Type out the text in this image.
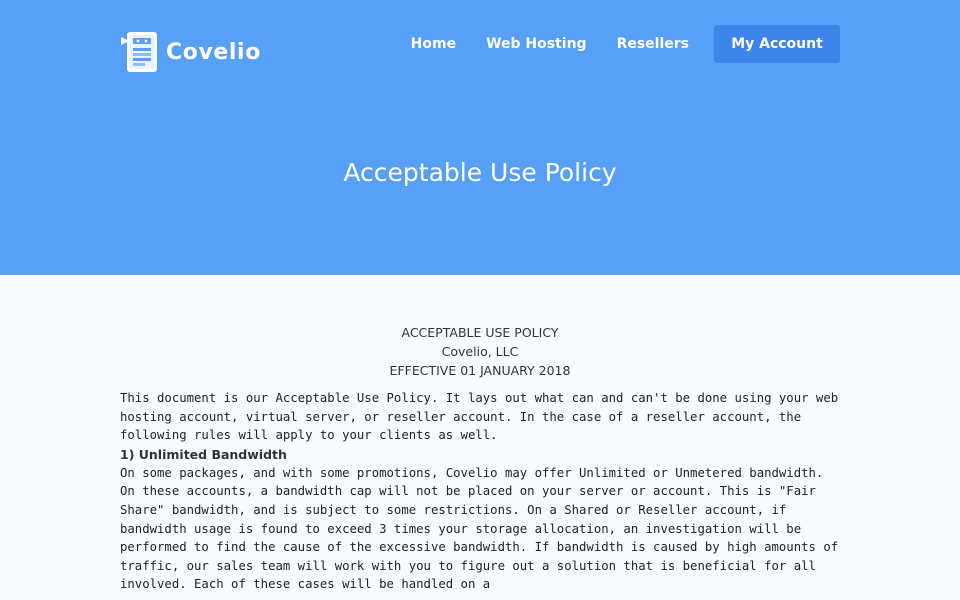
Covelio	Home Web Hosting Resellers	My Account
Acceptable Use Policy
ACCEPTABLE USE POLICY
Covelio, LLC
EFFECTIVE 01 JANUARY 2018
This document is our Acceptable Use Policy. It lays out what can and can't be done using your web hosting account, virtual server, or reseller account. In the case of a reseller account, the following rules will apply to your clients as well.
1) Unlimited Bandwidth
On some packages, and with some promotions, Covelio may offer Unlimited or Unmetered bandwidth. On these accounts, a bandwidth cap will not be placed on your server or account. This is "Fair Share" bandwidth, and is subject to some restrictions. On a Shared or Reseller account, if bandwidth usage is found to exceed 3 times your storage allocation, an investigation will be performed to find the cause of the excessive bandwidth. If bandwidth is caused by high amounts of traffic, our sales team will work with you to figure out a solution that is beneficial for all involved. Each of these cases will be handled on a
